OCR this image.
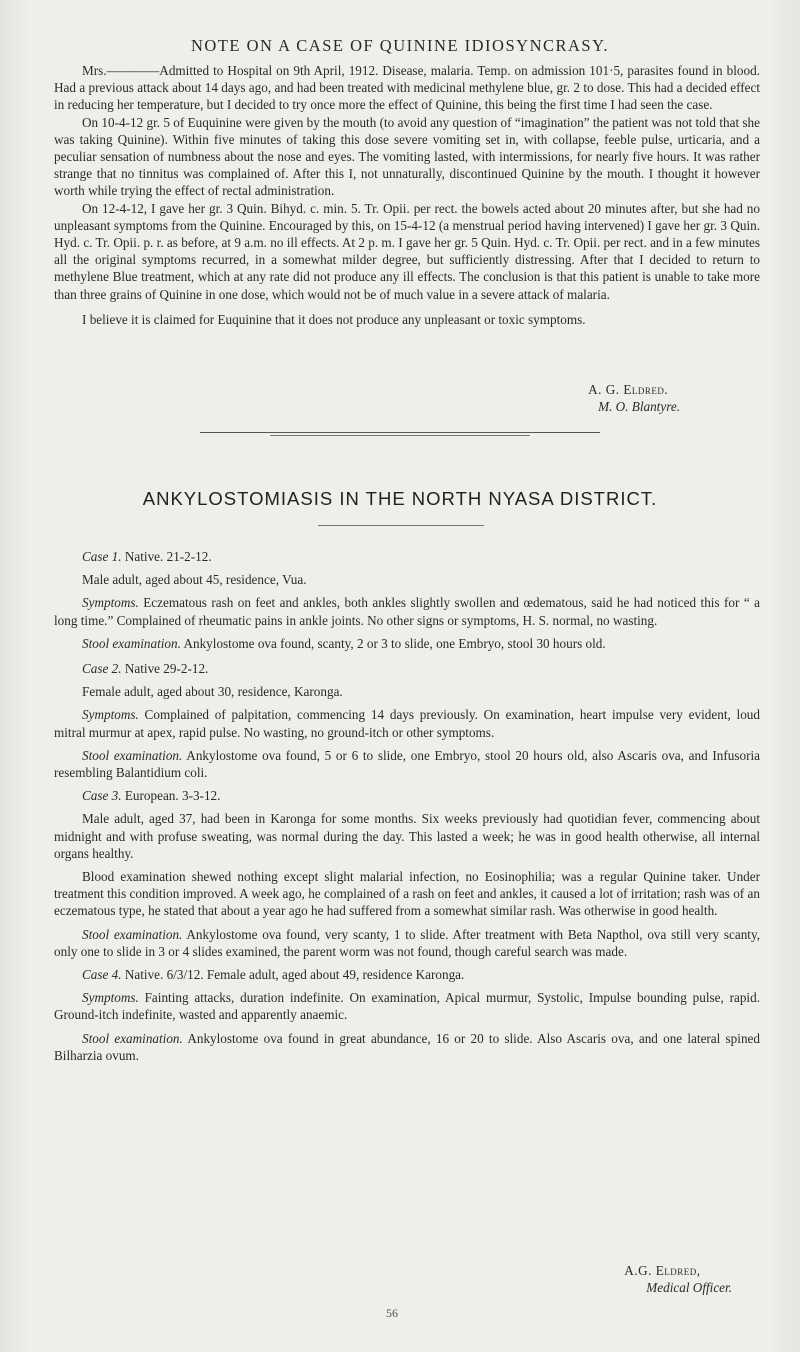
NOTE ON A CASE OF QUININE IDIOSYNCRASY.

Mrs.————Admitted to Hospital on 9th April, 1912. Disease, malaria. Temp. on admission 101·5, parasites found in blood. Had a previous attack about 14 days ago, and had been treated with medicinal methylene blue, gr. 2 to dose. This had a decided effect in reducing her temperature, but I decided to try once more the effect of Quinine, this being the first time I had seen the case.

On 10-4-12 gr. 5 of Euquinine were given by the mouth (to avoid any question of “imagination” the patient was not told that she was taking Quinine). Within five minutes of taking this dose severe vomiting set in, with collapse, feeble pulse, urticaria, and a peculiar sensation of numbness about the nose and eyes. The vomiting lasted, with intermissions, for nearly five hours. It was rather strange that no tinnitus was complained of. After this I, not unnaturally, discontinued Quinine by the mouth. I thought it however worth while trying the effect of rectal administration.

On 12-4-12, I gave her gr. 3 Quin. Bihyd. c. min. 5. Tr. Opii. per rect. the bowels acted about 20 minutes after, but she had no unpleasant symptoms from the Quinine. Encouraged by this, on 15-4-12 (a menstrual period having intervened) I gave her gr. 3 Quin. Hyd. c. Tr. Opii. p. r. as before, at 9 a.m. no ill effects. At 2 p. m. I gave her gr. 5 Quin. Hyd. c. Tr. Opii. per rect. and in a few minutes all the original symptoms recurred, in a somewhat milder degree, but sufficiently distressing. After that I decided to return to methylene Blue treatment, which at any rate did not produce any ill effects. The conclusion is that this patient is unable to take more than three grains of Quinine in one dose, which would not be of much value in a severe attack of malaria.

I believe it is claimed for Euquinine that it does not produce any unpleasant or toxic symptoms.

A. G. Eldred.
M. O. Blantyre.
ANKYLOSTOMIASIS IN THE NORTH NYASA DISTRICT.

Case 1. Native. 21-2-12.

Male adult, aged about 45, residence, Vua.

Symptoms. Eczematous rash on feet and ankles, both ankles slightly swollen and œdematous, said he had noticed this for “ a long time.” Complained of rheumatic pains in ankle joints. No other signs or symptoms, H. S. normal, no wasting.

Stool examination. Ankylostome ova found, scanty, 2 or 3 to slide, one Embryo, stool 30 hours old.

Case 2. Native 29-2-12.

Female adult, aged about 30, residence, Karonga.

Symptoms. Complained of palpitation, commencing 14 days previously. On examination, heart impulse very evident, loud mitral murmur at apex, rapid pulse. No wasting, no ground-itch or other symptoms.

Stool examination. Ankylostome ova found, 5 or 6 to slide, one Embryo, stool 20 hours old, also Ascaris ova, and Infusoria resembling Balantidium coli.

Case 3. European. 3-3-12.

Male adult, aged 37, had been in Karonga for some months. Six weeks previously had quotidian fever, commencing about midnight and with profuse sweating, was normal during the day. This lasted a week; he was in good health otherwise, all internal organs healthy.

Blood examination shewed nothing except slight malarial infection, no Eosinophilia; was a regular Quinine taker. Under treatment this condition improved. A week ago, he complained of a rash on feet and ankles, it caused a lot of irritation; rash was of an eczematous type, he stated that about a year ago he had suffered from a somewhat similar rash. Was otherwise in good health.

Stool examination. Ankylostome ova found, very scanty, 1 to slide. After treatment with Beta Napthol, ova still very scanty, only one to slide in 3 or 4 slides examined, the parent worm was not found, though careful search was made.

Case 4. Native. 6/3/12. Female adult, aged about 49, residence Karonga.

Symptoms. Fainting attacks, duration indefinite. On examination, Apical murmur, Systolic, Impulse bounding pulse, rapid. Ground-itch indefinite, wasted and apparently anaemic.

Stool examination. Ankylostome ova found in great abundance, 16 or 20 to slide. Also Ascaris ova, and one lateral spined Bilharzia ovum.

A.G. Eldred,
Medical Officer.
56
